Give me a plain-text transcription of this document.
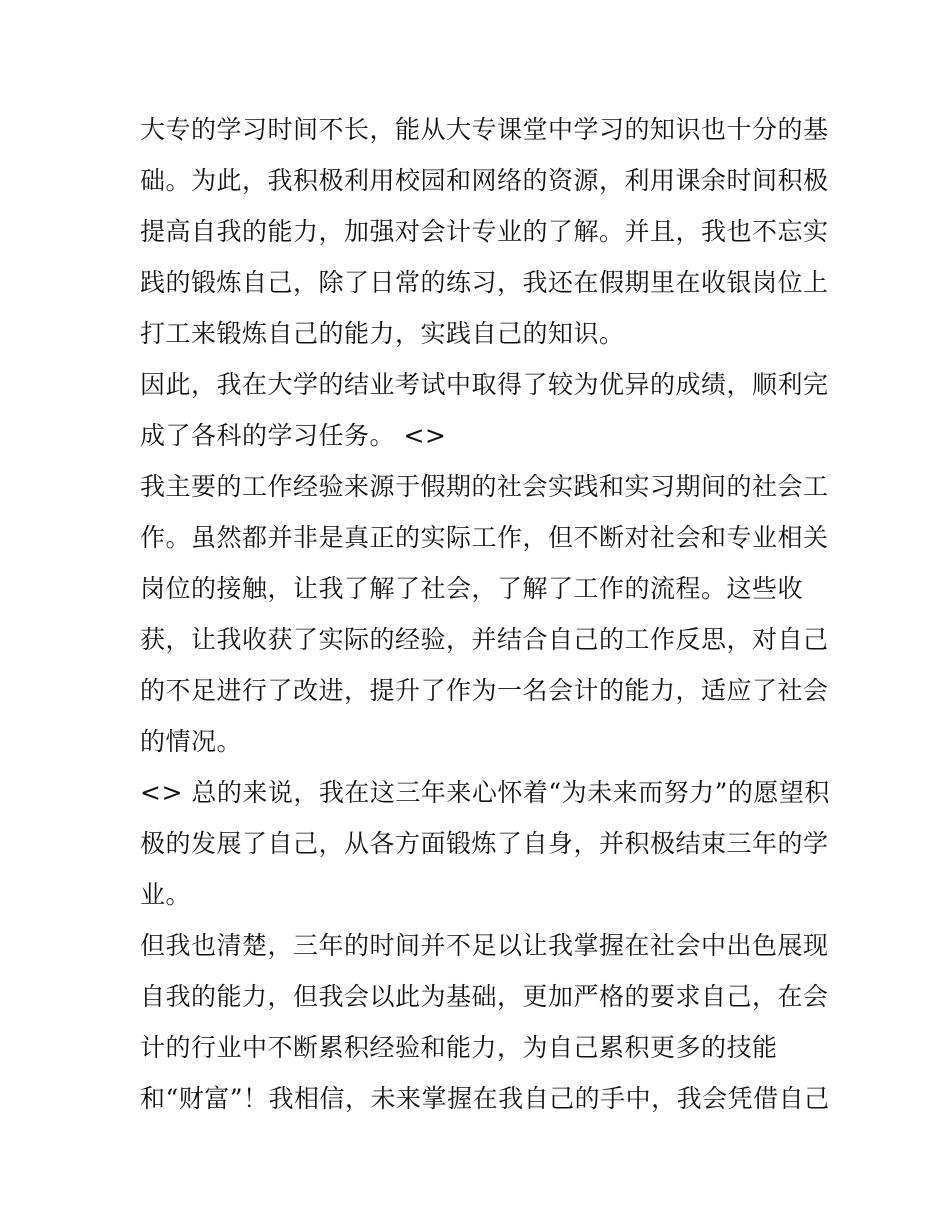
大专的学习时间不长，能从大专课堂中学习的知识也十分的基
础。为此，我积极利用校园和网络的资源，利用课余时间积极
提高自我的能力，加强对会计专业的了解。并且，我也不忘实
践的锻炼自己，除了日常的练习，我还在假期里在收银岗位上
打工来锻炼自己的能力，实践自己的知识。
因此，我在大学的结业考试中取得了较为优异的成绩，顺利完
成了各科的学习任务。 <>
我主要的工作经验来源于假期的社会实践和实习期间的社会工
作。虽然都并非是真正的实际工作，但不断对社会和专业相关
岗位的接触，让我了解了社会，了解了工作的流程。这些收
获，让我收获了实际的经验，并结合自己的工作反思，对自己
的不足进行了改进，提升了作为一名会计的能力，适应了社会
的情况。
<> 总的来说，我在这三年来心怀着“为未来而努力”的愿望积
极的发展了自己，从各方面锻炼了自身，并积极结束三年的学
业。
但我也清楚，三年的时间并不足以让我掌握在社会中出色展现
自我的能力，但我会以此为基础，更加严格的要求自己，在会
计的行业中不断累积经验和能力，为自己累积更多的技能
和“财富”！我相信，未来掌握在我自己的手中，我会凭借自己
